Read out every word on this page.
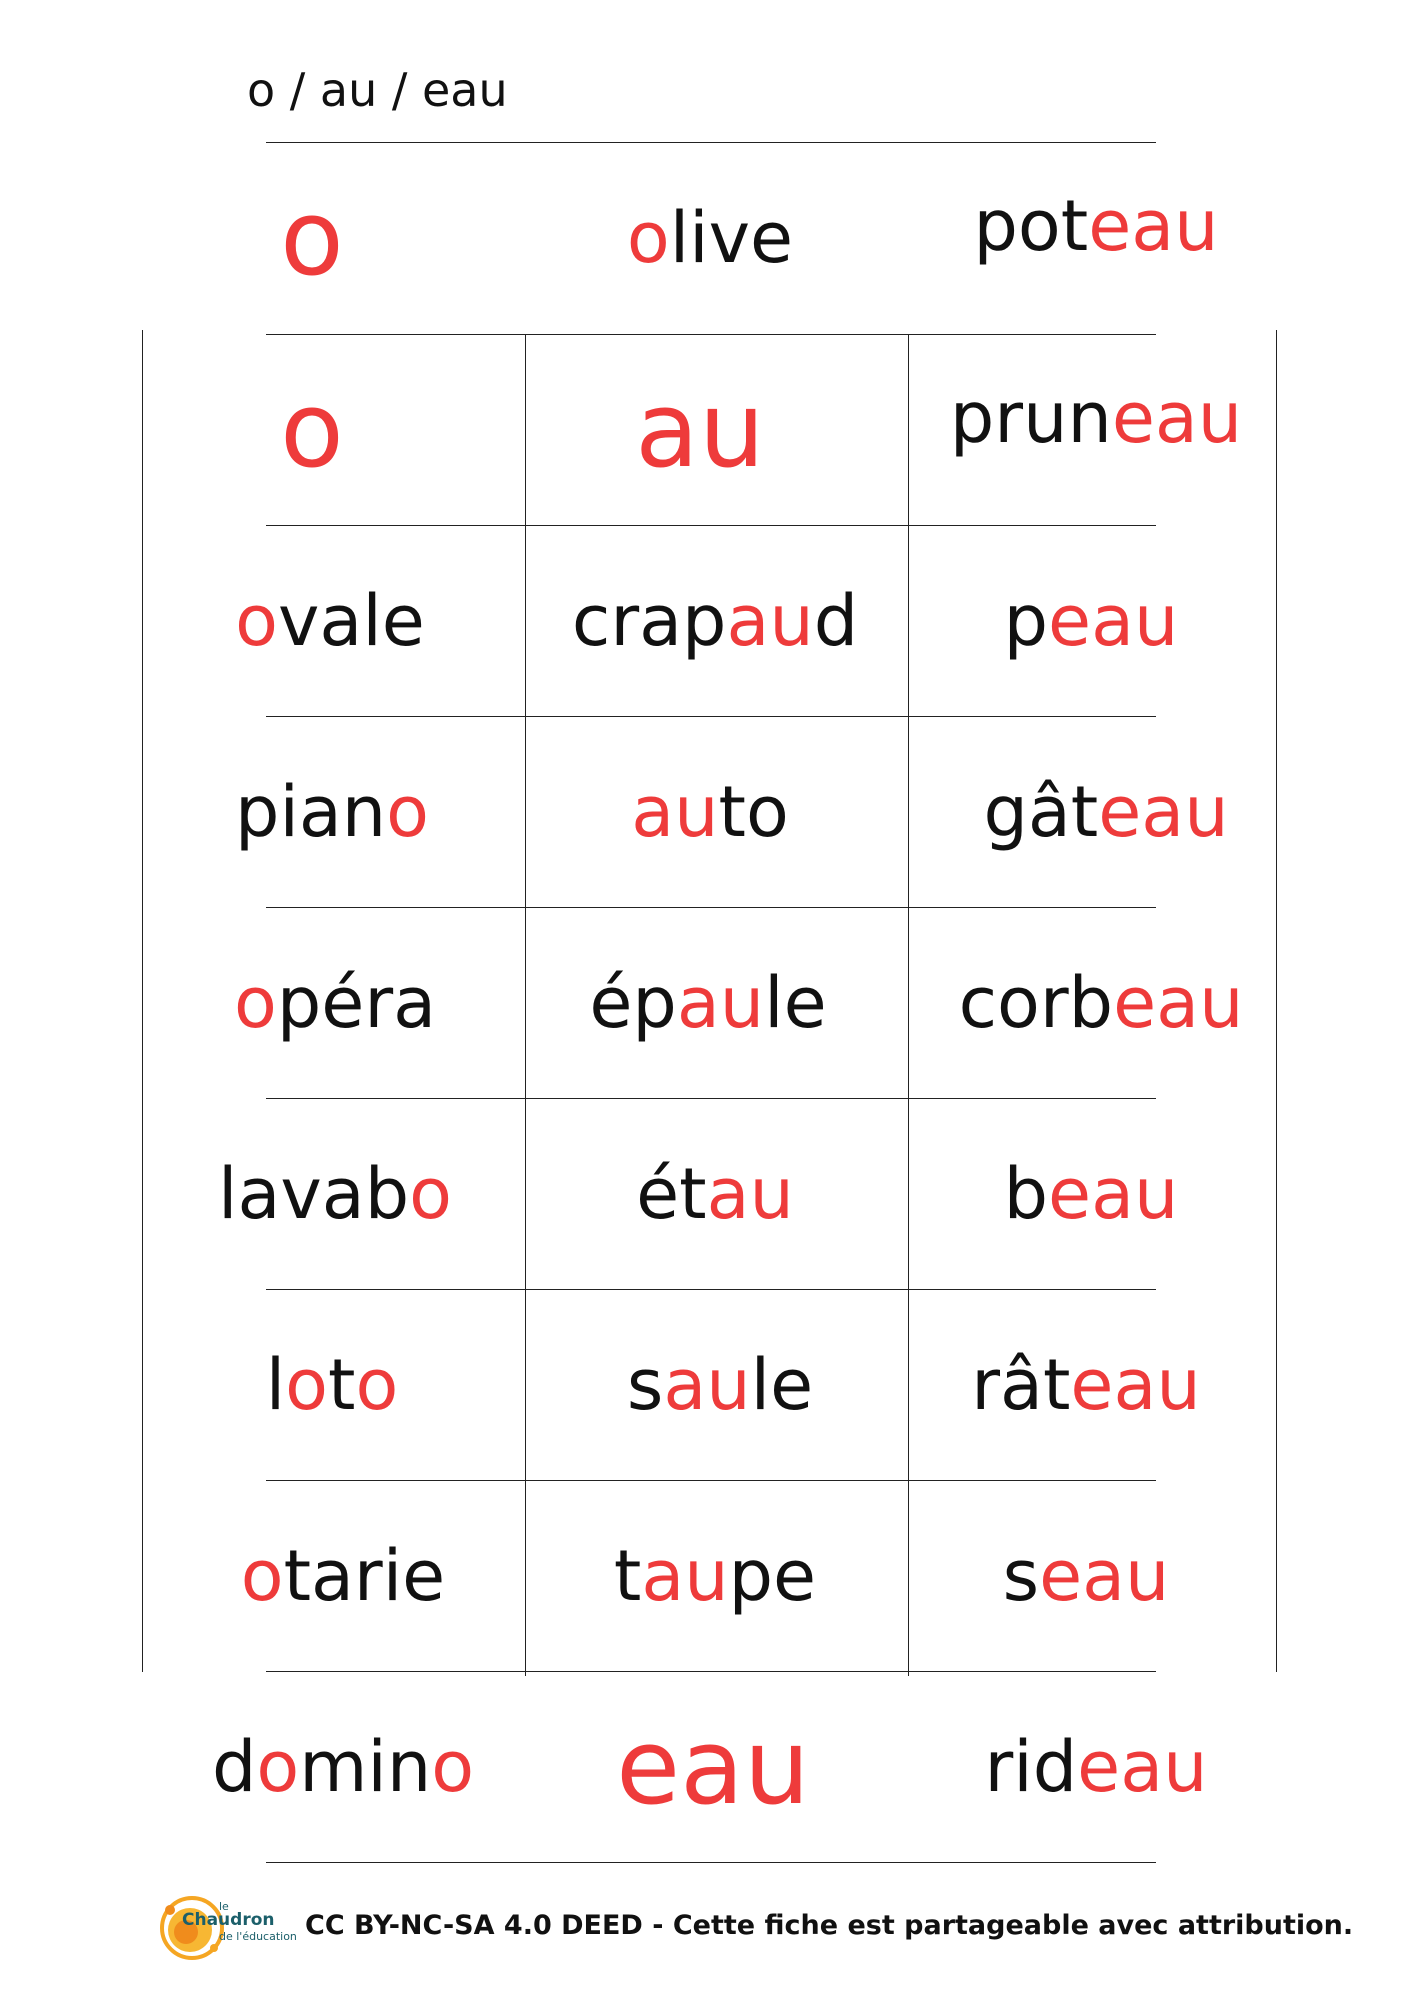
o / au / eau
o	olive	poteau
o	au	pruneau
ovale crapaud peau
piano	auto	gâteau
opéra épaule corbeau
lavabo	étau	beau
loto	saule râteau
otarie taupe	seau
domino eau rideau
le
Chaudron
de l'éducation CC BY-NC-SA 4.0 DEED - Cette fiche est partageable avec attribution.
